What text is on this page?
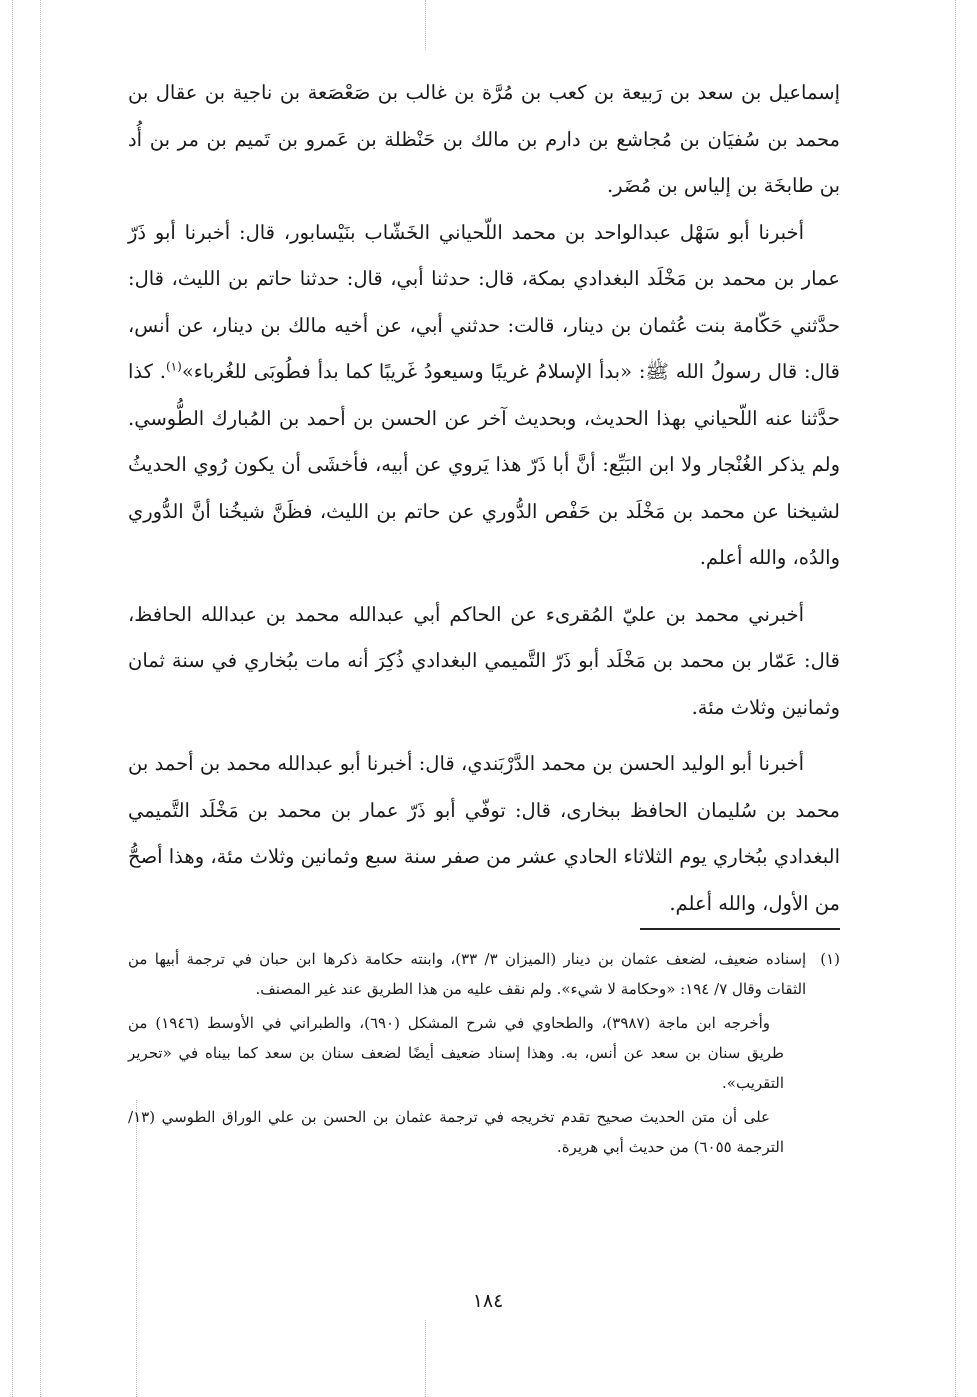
إسماعيل بن سعد بن رَبيعة بن كعب بن مُرَّة بن غالب بن صَعْصَعة بن ناجية بن عقال بن محمد بن سُفيَان بن مُجاشع بن دارم بن مالك بن حَنْظلة بن عَمرو بن تَميم بن مر بن أُد بن طابخَة بن إلياس بن مُضَر.

أخبرنا أبو سَهْل عبدالواحد بن محمد اللّحياني الخَشّاب بنَيْسابور، قال: أخبرنا أبو ذَرّ عمار بن محمد بن مَخْلَد البغدادي بمكة، قال: حدثنا أبي، قال: حدثنا حاتم بن الليث، قال: حدَّثني حَكّامة بنت عُثمان بن دينار، قالت: حدثني أبي، عن أخيه مالك بن دينار، عن أنس، قال: قال رسولُ الله ﷺ: «بدأ الإسلامُ غريبًا وسيعودُ غَريبًا كما بدأ فطُوبَى للغُرباء»$^{(١)}$. كذا حدَّثنا عنه اللّحياني بهذا الحديث، وبحديث آخر عن الحسن بن أحمد بن المُبارك الطُّوسي. ولم يذكر الغُنْجار ولا ابن البَيِّع: أنَّ أبا ذَرّ هذا يَروي عن أبيه، فأخشَى أن يكون رُوي الحديثُ لشيخنا عن محمد بن مَخْلَد بن حَفْص الدُّوري عن حاتم بن الليث، فظَنَّ شيخُنا أنَّ الدُّوري والدُه، والله أعلم.

أخبرني محمد بن عليّ المُقرىء عن الحاكم أبي عبدالله محمد بن عبدالله الحافظ، قال: عَمّار بن محمد بن مَخْلَد أبو ذَرّ التَّميمي البغدادي ذُكِرَ أنه مات ببُخاري في سنة ثمان وثمانين وثلاث مئة.

أخبرنا أبو الوليد الحسن بن محمد الدَّرْبَندي، قال: أخبرنا أبو عبدالله محمد بن أحمد بن محمد بن سُليمان الحافظ ببخارى، قال: توفّي أبو ذَرّ عمار بن محمد بن مَخْلَد التَّميمي البغدادي ببُخاري يوم الثلاثاء الحادي عشر من صفر سنة سبع وثمانين وثلاث مئة، وهذا أصحُّ من الأول، والله أعلم.

(١)
إسناده ضعيف، لضعف عثمان بن دينار (الميزان ٣/ ٣٣)، وابنته حكامة ذكرها ابن حبان في ترجمة أبيها من الثقات وقال ٧/ ١٩٤: «وحكامة لا شيء». ولم نقف عليه من هذا الطريق عند غير المصنف.

وأخرجه ابن ماجة (٣٩٨٧)، والطحاوي في شرح المشكل (٦٩٠)، والطبراني في الأوسط (١٩٤٦) من طريق سنان بن سعد عن أنس، به. وهذا إسناد ضعيف أيضًا لضعف سنان بن سعد كما بيناه في «تحرير التقريب».

على أن متن الحديث صحيح تقدم تخريجه في ترجمة عثمان بن الحسن بن علي الوراق الطوسي (١٣/ الترجمة ٦٠٥٥) من حديث أبي هريرة.

١٨٤
